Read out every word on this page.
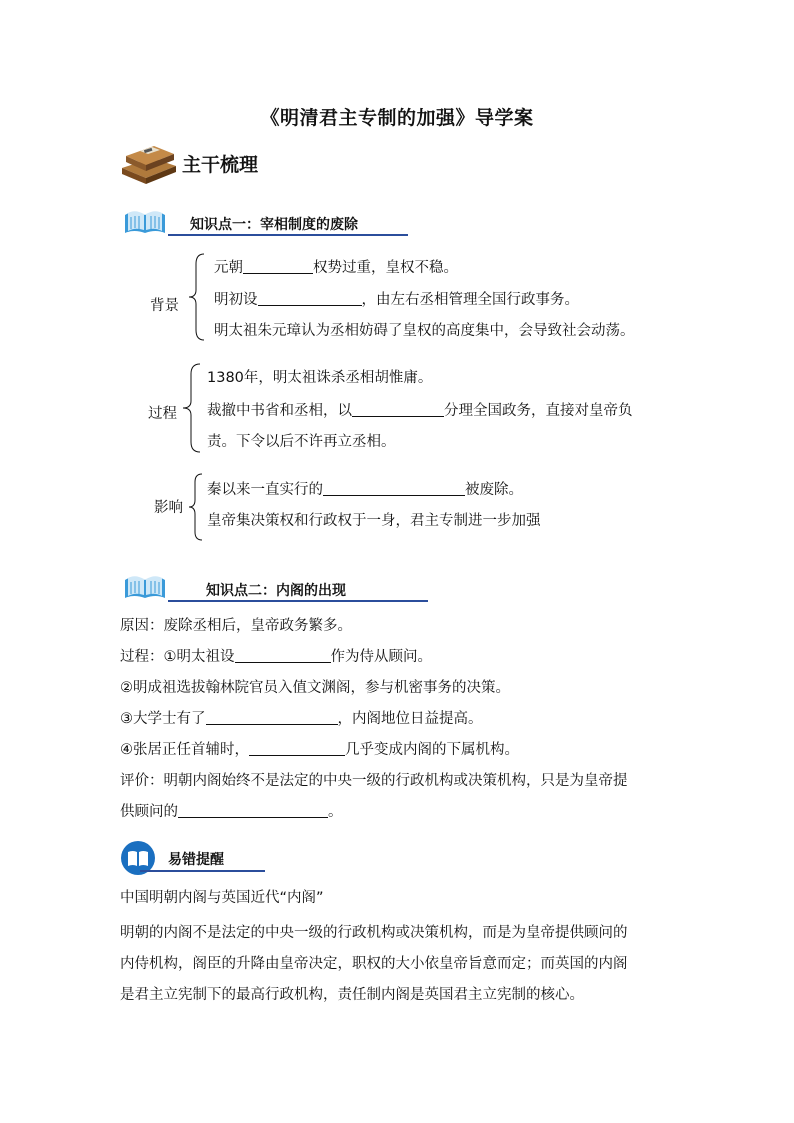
《明清君主专制的加强》导学案
主干梳理
知识点一：宰相制度的废除
背景
元朝	权势过重，皇权不稳。
明初设	，由左右丞相管理全国行政事务。
明太祖朱元璋认为丞相妨碍了皇权的高度集中，会导致社会动荡。
过程
1380年，明太祖诛杀丞相胡惟庸。
裁撤中书省和丞相，以	分理全国政务，直接对皇帝负
责。下令以后不许再立丞相。
影响
秦以来一直实行的	被废除。
皇帝集决策权和行政权于一身，君主专制进一步加强
知识点二：内阁的出现
原因：废除丞相后，皇帝政务繁多。
过程：①明太祖设	作为侍从顾问。
②明成祖选拔翰林院官员入值文渊阁，参与机密事务的决策。
③大学士有了	，内阁地位日益提高。
④张居正任首辅时，	几乎变成内阁的下属机构。
评价：明朝内阁始终不是法定的中央一级的行政机构或决策机构，只是为皇帝提
供顾问的	。
易错提醒
中国明朝内阁与英国近代“内阁”
明朝的内阁不是法定的中央一级的行政机构或决策机构，而是为皇帝提供顾问的
内侍机构，阁臣的升降由皇帝决定，职权的大小依皇帝旨意而定；而英国的内阁
是君主立宪制下的最高行政机构，责任制内阁是英国君主立宪制的核心。
